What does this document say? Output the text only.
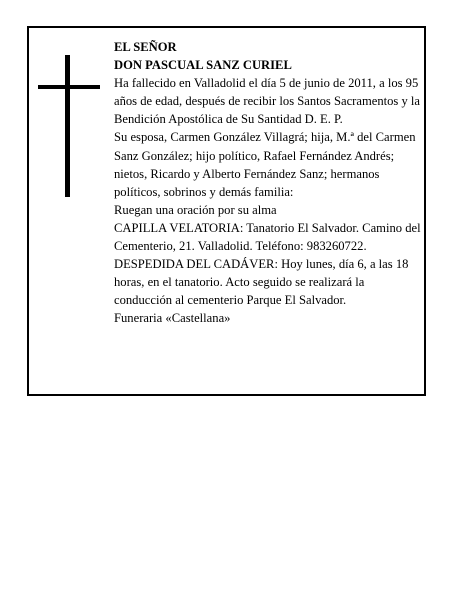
EL SEÑOR
DON PASCUAL SANZ CURIEL
Ha fallecido en Valladolid el día 5 de junio de 2011, a los 95 años de edad, después de recibir los Santos Sacramentos y la Bendición Apostólica de Su Santidad D. E. P.
Su esposa, Carmen González Villagrá; hija, M.ª del Carmen Sanz González; hijo político, Rafael Fernández Andrés; nietos, Ricardo y Alberto Fernández Sanz; hermanos políticos, sobrinos y demás familia:
Ruegan una oración por su alma
CAPILLA VELATORIA: Tanatorio El Salvador. Camino del Cementerio, 21. Valladolid. Teléfono: 983260722.
DESPEDIDA DEL CADÁVER: Hoy lunes, día 6, a las 18 horas, en el tanatorio. Acto seguido se realizará la conducción al cementerio Parque El Salvador.
Funeraria «Castellana»
